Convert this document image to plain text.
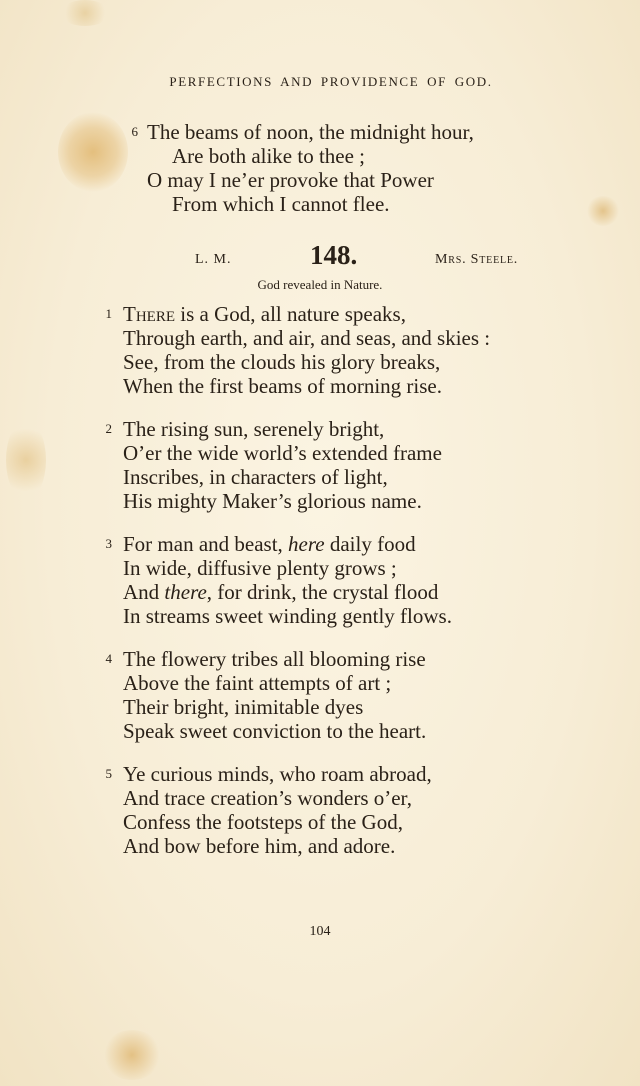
PERFECTIONS AND PROVIDENCE OF GOD.
6 The beams of noon, the midnight hour,
Are both alike to thee ;
O may I ne’er provoke that Power
From which I cannot flee.
L. M.	148.	Mrs. Steele.
God revealed in Nature.
1 There is a God, all nature speaks,
Through earth, and air, and seas, and skies :
See, from the clouds his glory breaks,
When the first beams of morning rise.
2 The rising sun, serenely bright,
O’er the wide world’s extended frame
Inscribes, in characters of light,
His mighty Maker’s glorious name.
3 For man and beast, here daily food
In wide, diffusive plenty grows ;
And there, for drink, the crystal flood
In streams sweet winding gently flows.
4 The flowery tribes all blooming rise
Above the faint attempts of art ;
Their bright, inimitable dyes
Speak sweet conviction to the heart.
5 Ye curious minds, who roam abroad,
And trace creation’s wonders o’er,
Confess the footsteps of the God,
And bow before him, and adore.
104
